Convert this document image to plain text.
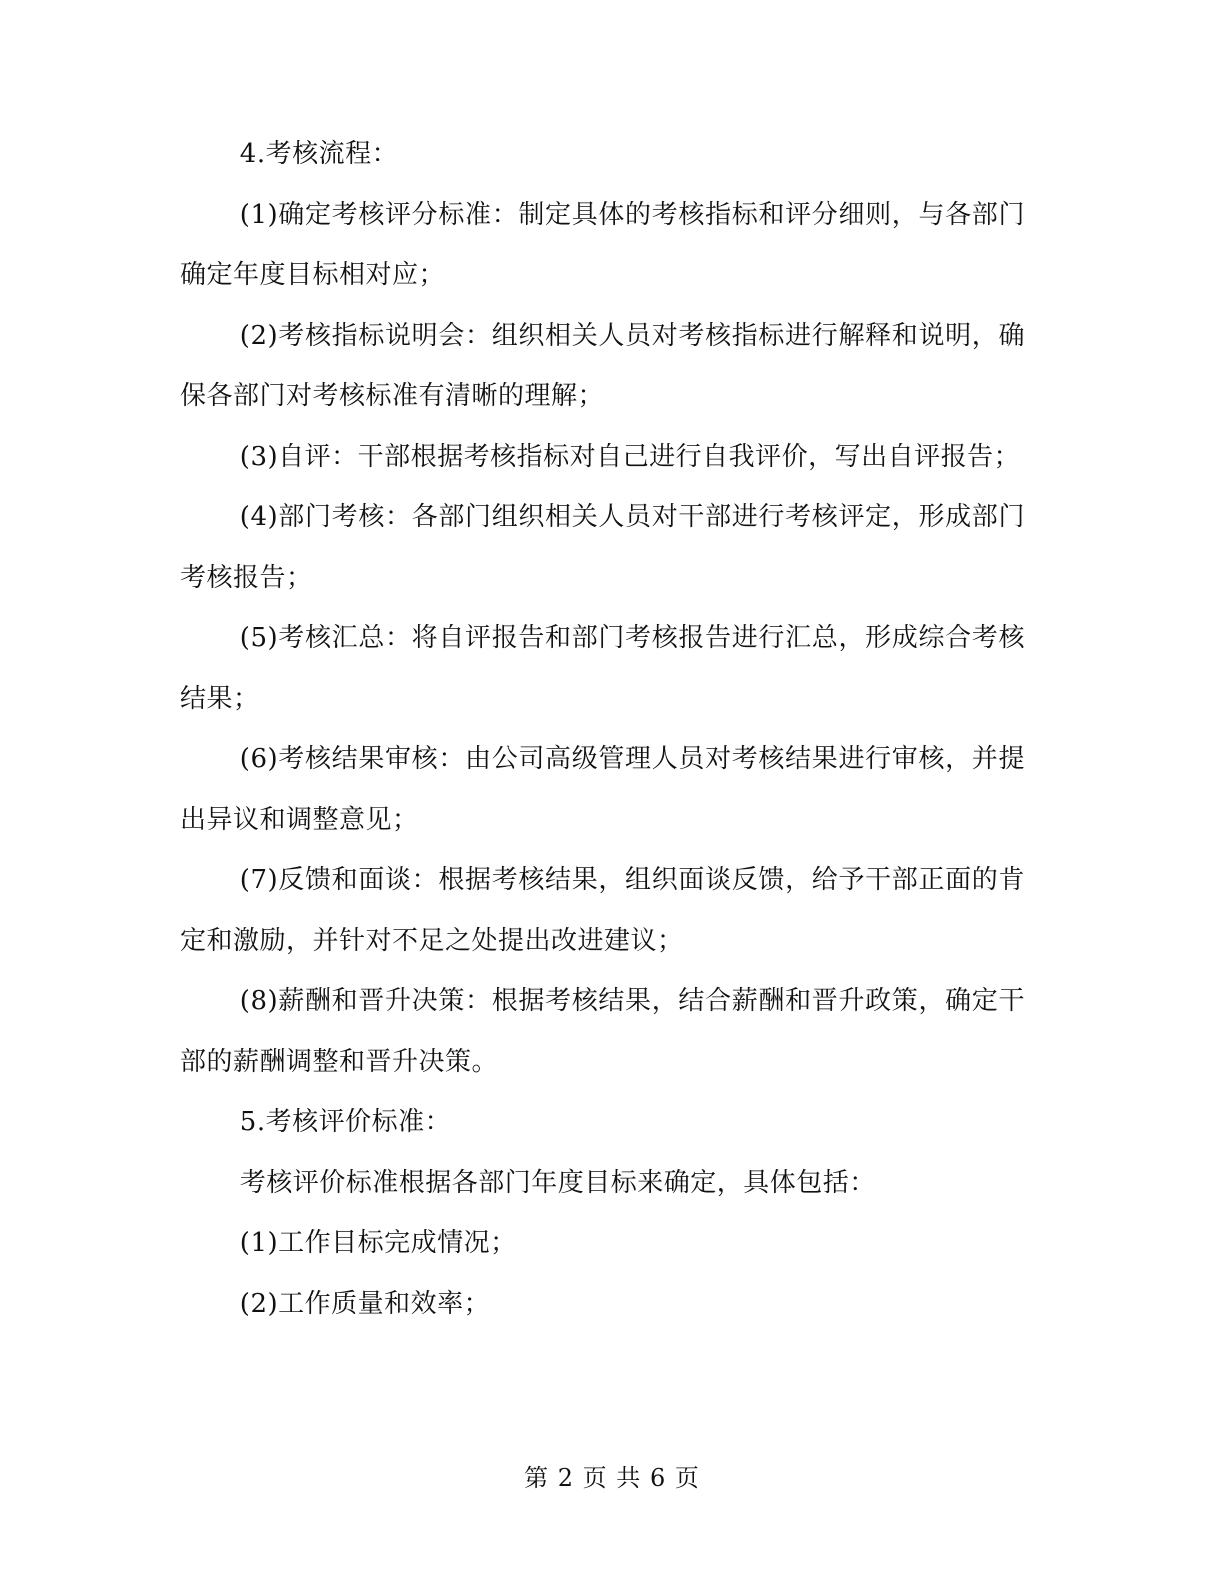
4.考核流程：

(1)确定考核评分标准：制定具体的考核指标和评分细则，与各部门确定年度目标相对应；

(2)考核指标说明会：组织相关人员对考核指标进行解释和说明，确保各部门对考核标准有清晰的理解；

(3)自评：干部根据考核指标对自己进行自我评价，写出自评报告；

(4)部门考核：各部门组织相关人员对干部进行考核评定，形成部门考核报告；

(5)考核汇总：将自评报告和部门考核报告进行汇总，形成综合考核结果；

(6)考核结果审核：由公司高级管理人员对考核结果进行审核，并提出异议和调整意见；

(7)反馈和面谈：根据考核结果，组织面谈反馈，给予干部正面的肯定和激励，并针对不足之处提出改进建议；

(8)薪酬和晋升决策：根据考核结果，结合薪酬和晋升政策，确定干部的薪酬调整和晋升决策。

5.考核评价标准：

考核评价标准根据各部门年度目标来确定，具体包括：

(1)工作目标完成情况；

(2)工作质量和效率；

第 2 页 共 6 页
